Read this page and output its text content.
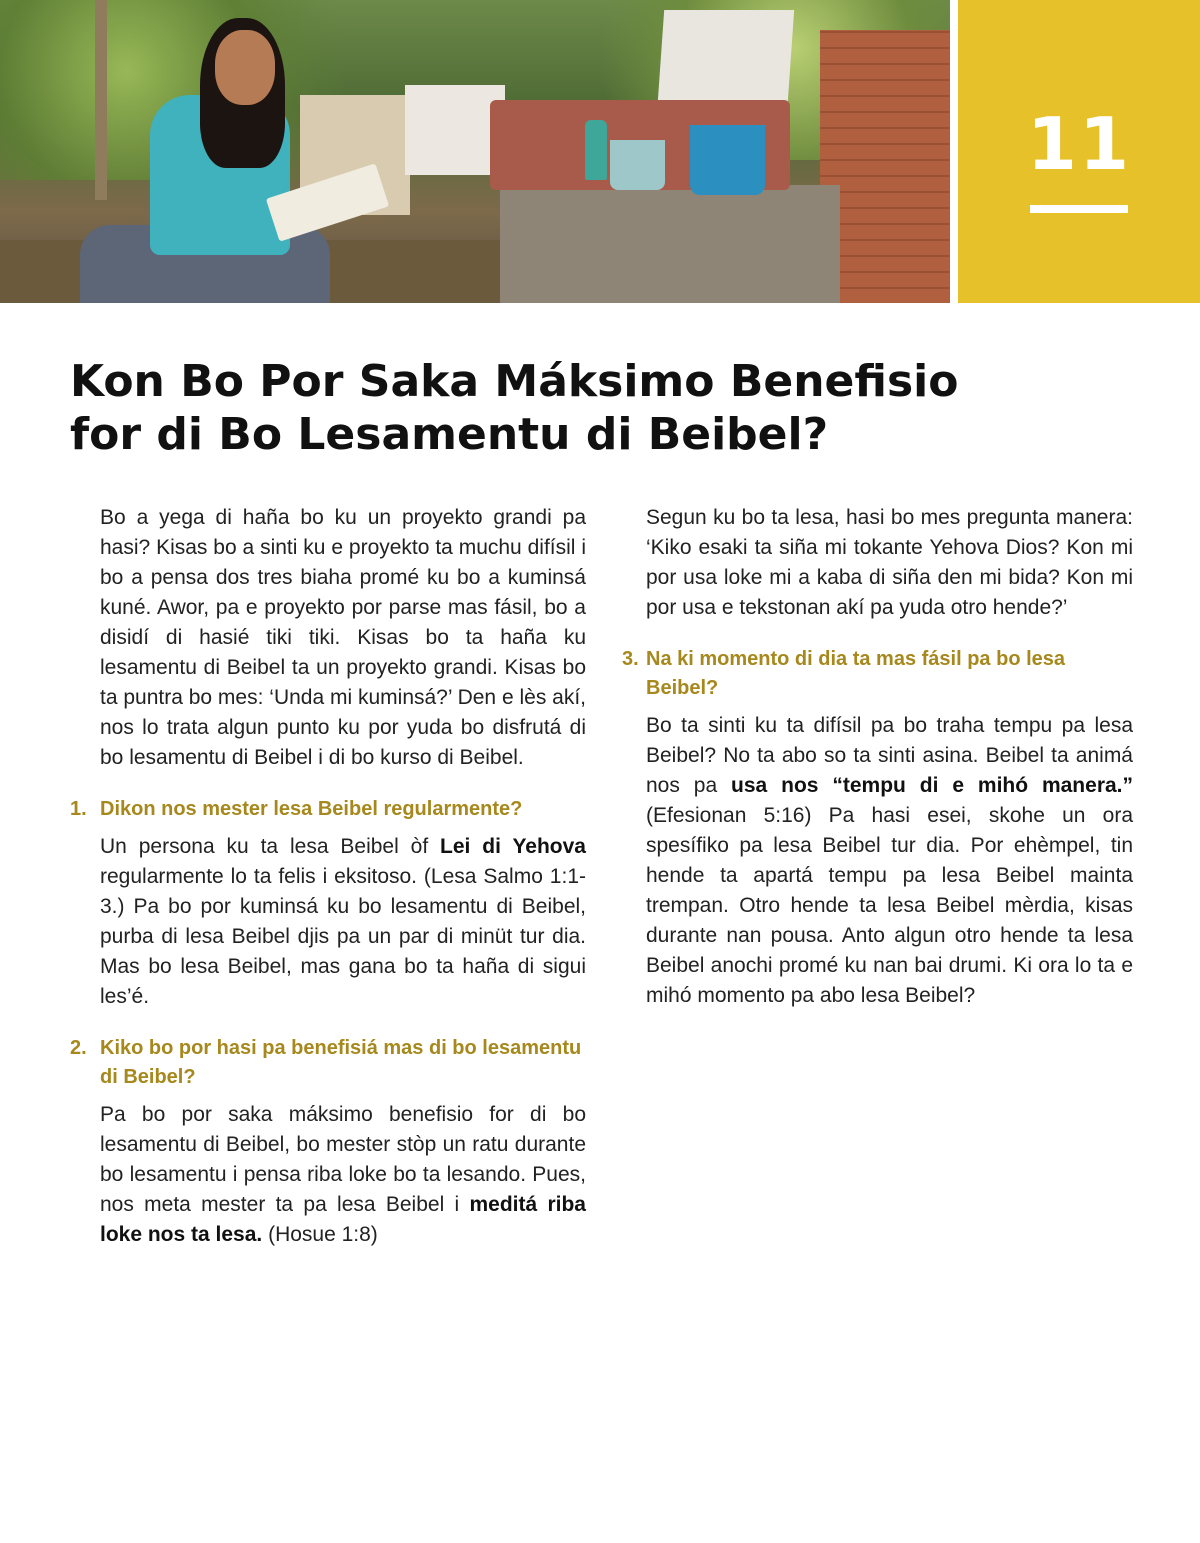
11
Kon Bo Por Saka Máksimo Benefisio
for di Bo Lesamentu di Beibel?

Bo a yega di haña bo ku un proyekto grandi pa hasi? Kisas bo a sinti ku e proyekto ta muchu difísil i bo a pensa dos tres biaha promé ku bo a kuminsá kuné. Awor, pa e proyekto por parse mas fásil, bo a disidí di hasié tiki tiki. Kisas bo ta haña ku lesamentu di Beibel ta un proyekto grandi. Kisas bo ta puntra bo mes: ‘Unda mi kuminsá?’ Den e lès akí, nos lo trata algun punto ku por yuda bo disfrutá di bo lesamentu di Beibel i di bo kurso di Beibel.

1. Dikon nos mester lesa Beibel regularmente?

Un persona ku ta lesa Beibel òf Lei di Yehova regularmente lo ta felis i eksitoso. (Lesa Salmo 1:1-3.) Pa bo por kuminsá ku bo lesamentu di Beibel, purba di lesa Beibel djis pa un par di minüt tur dia. Mas bo lesa Beibel, mas gana bo ta haña di sigui les’é.

2. Kiko bo por hasi pa benefisiá mas di bo lesamentu di Beibel?

Pa bo por saka máksimo benefisio for di bo lesamentu di Beibel, bo mester stòp un ratu durante bo lesamentu i pensa riba loke bo ta lesando. Pues, nos meta mester ta pa lesa Beibel i meditá riba loke nos ta lesa. (Hosue 1:8)

Segun ku bo ta lesa, hasi bo mes pregunta manera: ‘Kiko esaki ta siña mi tokante Yehova Dios? Kon mi por usa loke mi a kaba di siña den mi bida? Kon mi por usa e tekstonan akí pa yuda otro hende?’

3. Na ki momento di dia ta mas fásil pa bo lesa Beibel?

Bo ta sinti ku ta difísil pa bo traha tempu pa lesa Beibel? No ta abo so ta sinti asina. Beibel ta animá nos pa usa nos “tempu di e mihó manera.” (Efesionan 5:16) Pa hasi esei, skohe un ora spesífiko pa lesa Beibel tur dia. Por ehèmpel, tin hende ta apartá tempu pa lesa Beibel mainta trempan. Otro hende ta lesa Beibel mèrdia, kisas durante nan pousa. Anto algun otro hende ta lesa Beibel anochi promé ku nan bai drumi. Ki ora lo ta e mihó momento pa abo lesa Beibel?
